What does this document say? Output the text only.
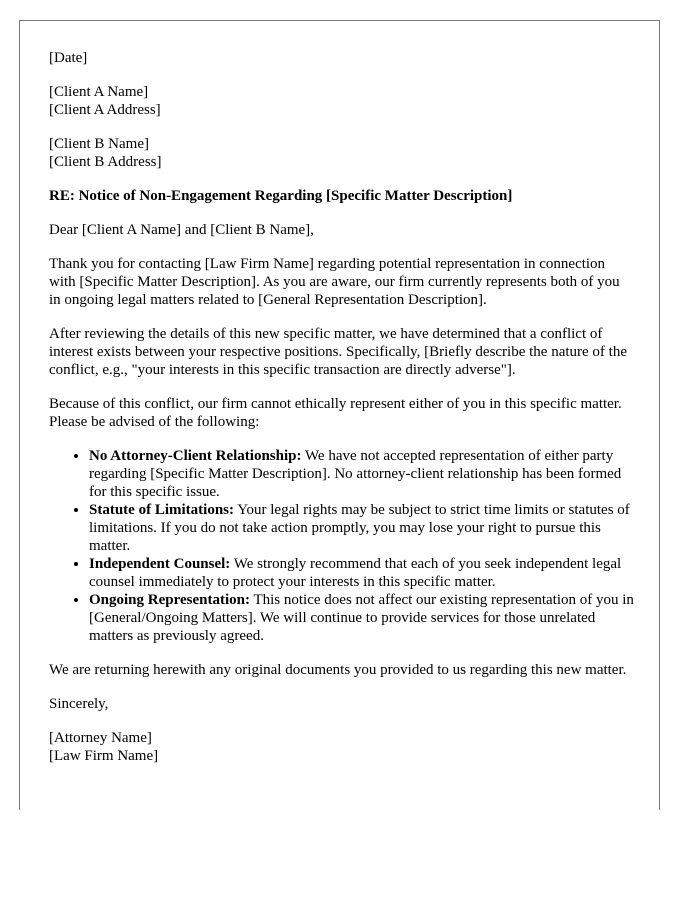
[Date]

[Client A Name]
[Client A Address]

[Client B Name]
[Client B Address]

RE: Notice of Non-Engagement Regarding [Specific Matter Description]

Dear [Client A Name] and [Client B Name],

Thank you for contacting [Law Firm Name] regarding potential representation in connection with [Specific Matter Description]. As you are aware, our firm currently represents both of you in ongoing legal matters related to [General Representation Description].

After reviewing the details of this new specific matter, we have determined that a conflict of interest exists between your respective positions. Specifically, [Briefly describe the nature of the conflict, e.g., "your interests in this specific transaction are directly adverse"].

Because of this conflict, our firm cannot ethically represent either of you in this specific matter. Please be advised of the following:

• No Attorney-Client Relationship: We have not accepted representation of either party regarding [Specific Matter Description]. No attorney-client relationship has been formed for this specific issue.
• Statute of Limitations: Your legal rights may be subject to strict time limits or statutes of limitations. If you do not take action promptly, you may lose your right to pursue this matter.
• Independent Counsel: We strongly recommend that each of you seek independent legal counsel immediately to protect your interests in this specific matter.
• Ongoing Representation: This notice does not affect our existing representation of you in [General/Ongoing Matters]. We will continue to provide services for those unrelated matters as previously agreed.

We are returning herewith any original documents you provided to us regarding this new matter.

Sincerely,

[Attorney Name]
[Law Firm Name]
